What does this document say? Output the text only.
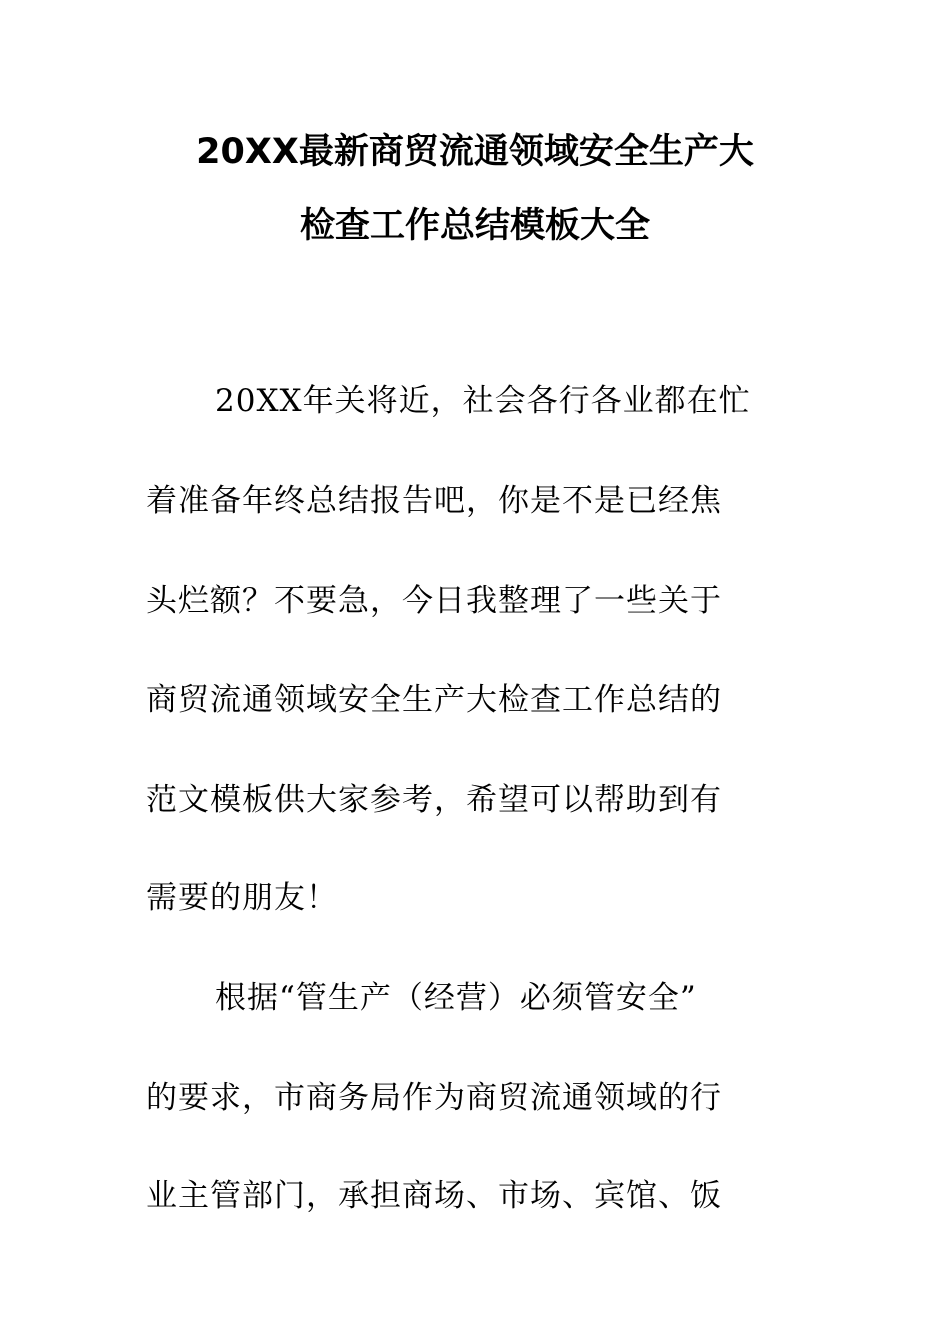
20XX最新商贸流通领域安全生产大
检查工作总结模板大全
20XX年关将近，社会各行各业都在忙
着准备年终总结报告吧，你是不是已经焦
头烂额？不要急，今日我整理了一些关于
商贸流通领域安全生产大检查工作总结的
范文模板供大家参考，希望可以帮助到有
需要的朋友！
根据“管生产（经营）必须管安全”
的要求，市商务局作为商贸流通领域的行
业主管部门，承担商场、市场、宾馆、饭
